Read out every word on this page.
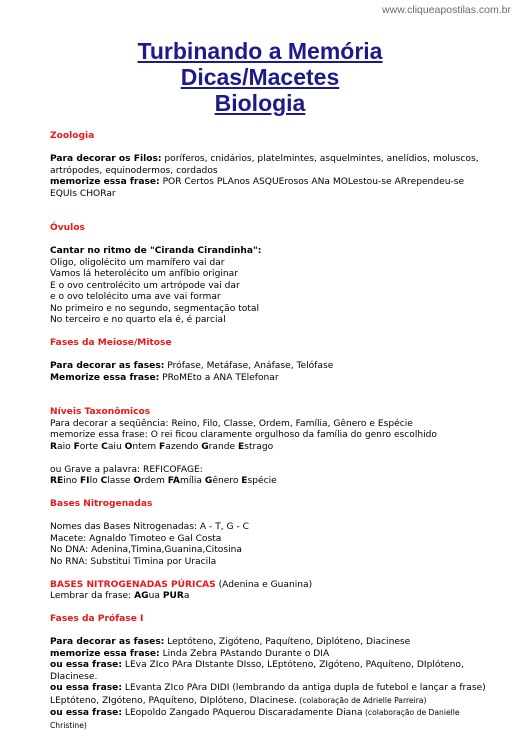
www.cliqueapostilas.com.br
Turbinando a Memória
Dicas/Macetes
Biologia

Zoologia

Para decorar os Filos: poríferos, cnidários, platelmintes, asquelmintes, anelídios, moluscos, artrópodes, equinodermos, cordados

memorize essa frase: POR Certos PLAnos ASQUErosos ANa MOLestou-se ARrependeu-se EQUIs CHORar

Óvulos

Cantar no ritmo de "Ciranda Cirandinha":

Oligo, oligolécito um mamífero vai dar

Vamos lá heterolécito um anfíbio originar

E o ovo centrolécito um artrópode vai dar

e o ovo telolécito uma ave vai formar

No primeiro e no segundo, segmentação total

No terceiro e no quarto ela é, é parcial

Fases da Meiose/Mitose

Para decorar as fases: Prófase, Metáfase, Anáfase, Telófase

Memorize essa frase: PRoMEto a ANA TElefonar

Níveis Taxonômicos

Para decorar a seqüência: Reino, Filo, Classe, Ordem, Família, Gênero e Espécie

memorize essa frase: O rei ficou claramente orgulhoso da família do genro escolhido

Raio Forte Caiu Ontem Fazendo Grande Estrago

ou Grave a palavra: REFICOFAGE:

REino FIlo Classe Ordem FAmília Gênero Espécie

Bases Nitrogenadas

Nomes das Bases Nitrogenadas: A - T, G - C

Macete: Agnaldo Timoteo e Gal Costa

No DNA: Adenina,Timina,Guanina,Citosina

No RNA: Substitui Timina por Uracila

BASES NITROGENADAS PÚRICAS (Adenina e Guanina)

Lembrar da frase: AGua PURa

Fases da Prófase I

Para decorar as fases: Leptóteno, Zigóteno, Paquíteno, Diplóteno, Diacinese

memorize essa frase: Linda Zebra PAstando Durante o DIA

ou essa frase: LEva ZIco PAra DIstante DIsso, LEptóteno, ZIgóteno, PAquíteno, DIplóteno, DIacinese.

ou essa frase: LEvanta ZIco PAra DIDI (lembrando da antiga dupla de futebol e lançar a frase) LEptóteno, ZIgóteno, PAquíteno, DIplóteno, DIacinese. (colaboração de Adrielle Parreira)

ou essa frase: LEopoldo Zangado PAquerou Discaradamente Diana (colaboração de Danielle Christine)
